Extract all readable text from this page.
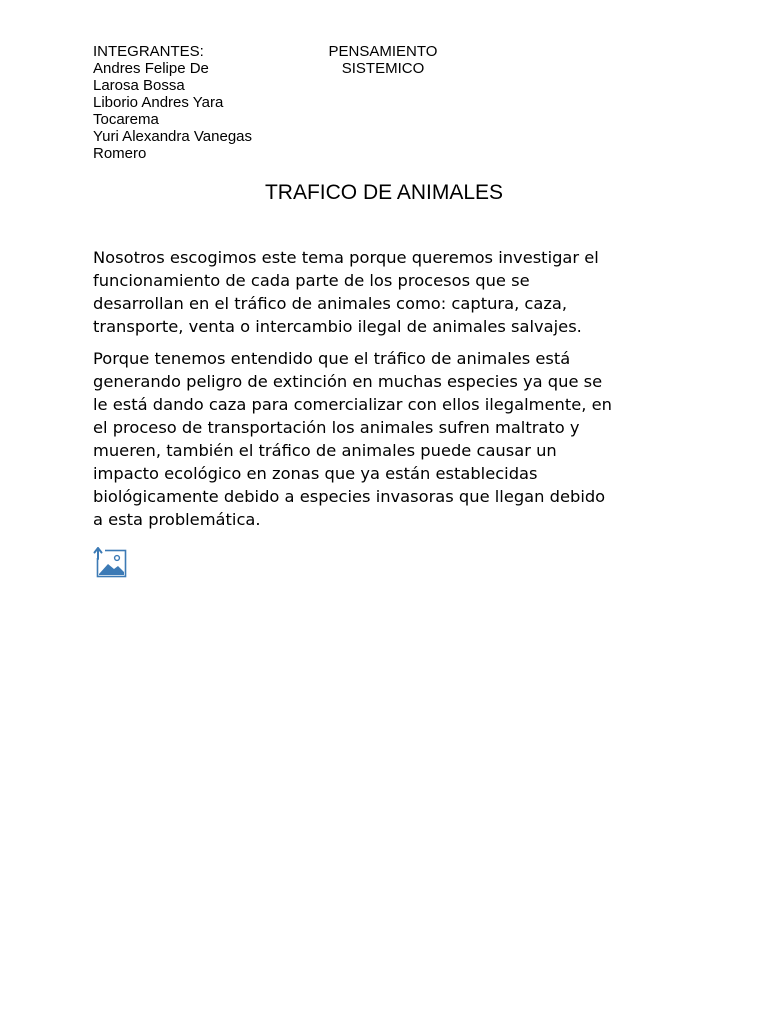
INTEGRANTES:
Andres Felipe De
Larosa Bossa
Liborio Andres Yara
Tocarema
Yuri Alexandra Vanegas
Romero
PENSAMIENTO
SISTEMICO
TRAFICO DE ANIMALES
Nosotros escogimos este tema porque queremos investigar el
funcionamiento de cada parte de los procesos que se
desarrollan en el tráfico de animales como: captura, caza,
transporte, venta o intercambio ilegal de animales salvajes.
Porque tenemos entendido que el tráfico de animales está
generando peligro de extinción en muchas especies ya que se
le está dando caza para comercializar con ellos ilegalmente, en
el proceso de transportación los animales sufren maltrato y
mueren, también el tráfico de animales puede causar un
impacto ecológico en zonas que ya están establecidas
biológicamente debido a especies invasoras que llegan debido
a esta problemática.
